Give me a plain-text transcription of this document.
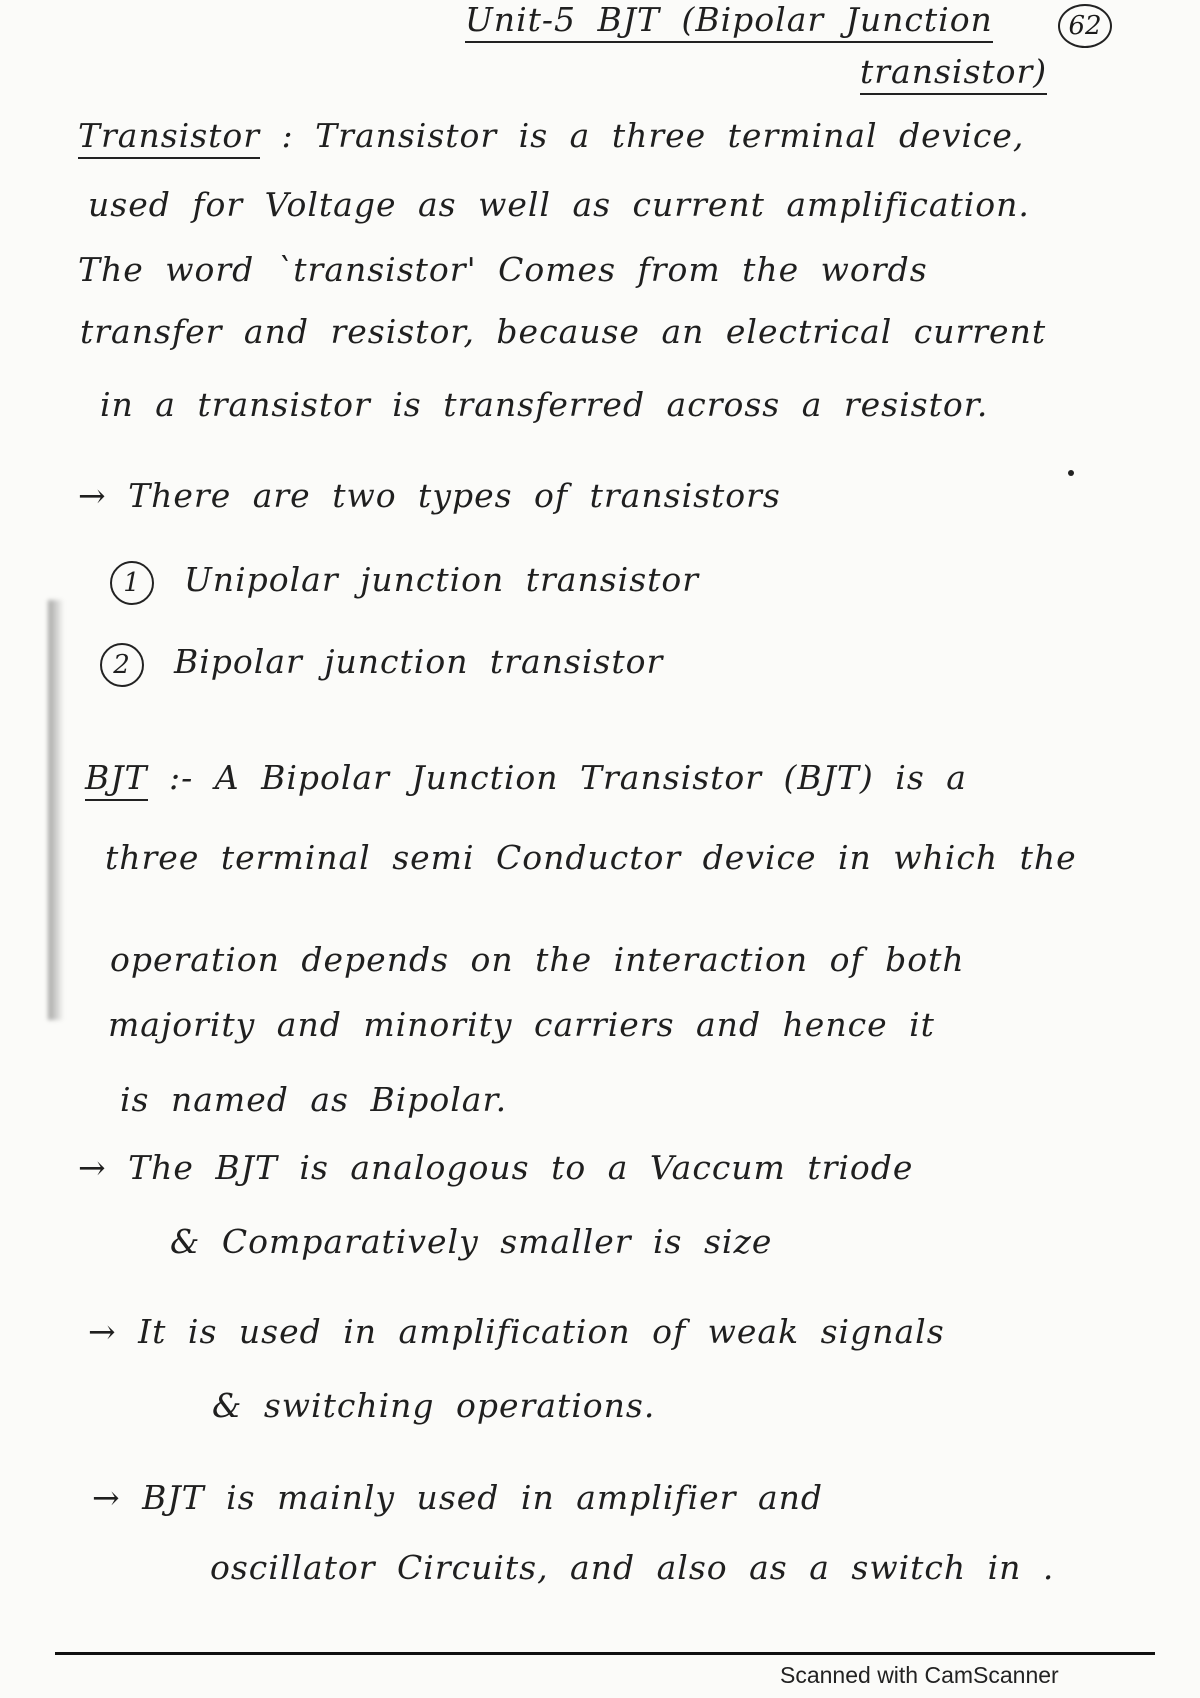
Unit-5 BJT (Bipolar Junction	62
transistor)
Transistor : Transistor is a three terminal device,
used for Voltage as well as current amplification.
The word `transistor' Comes from the words
transfer and resistor, because an electrical current
in a transistor is transferred across a resistor.
→ There are two types of transistors
1 Unipolar junction transistor
2 Bipolar junction transistor
BJT :- A Bipolar Junction Transistor (BJT) is a
three terminal semi Conductor device in which the
operation depends on the interaction of both
majority and minority carriers and hence it
is named as Bipolar.
→ The BJT is analogous to a Vaccum triode
& Comparatively smaller is size
→ It is used in amplification of weak signals
& switching operations.
→ BJT is mainly used in amplifier and
oscillator Circuits, and also as a switch in .
Scanned with CamScanner
